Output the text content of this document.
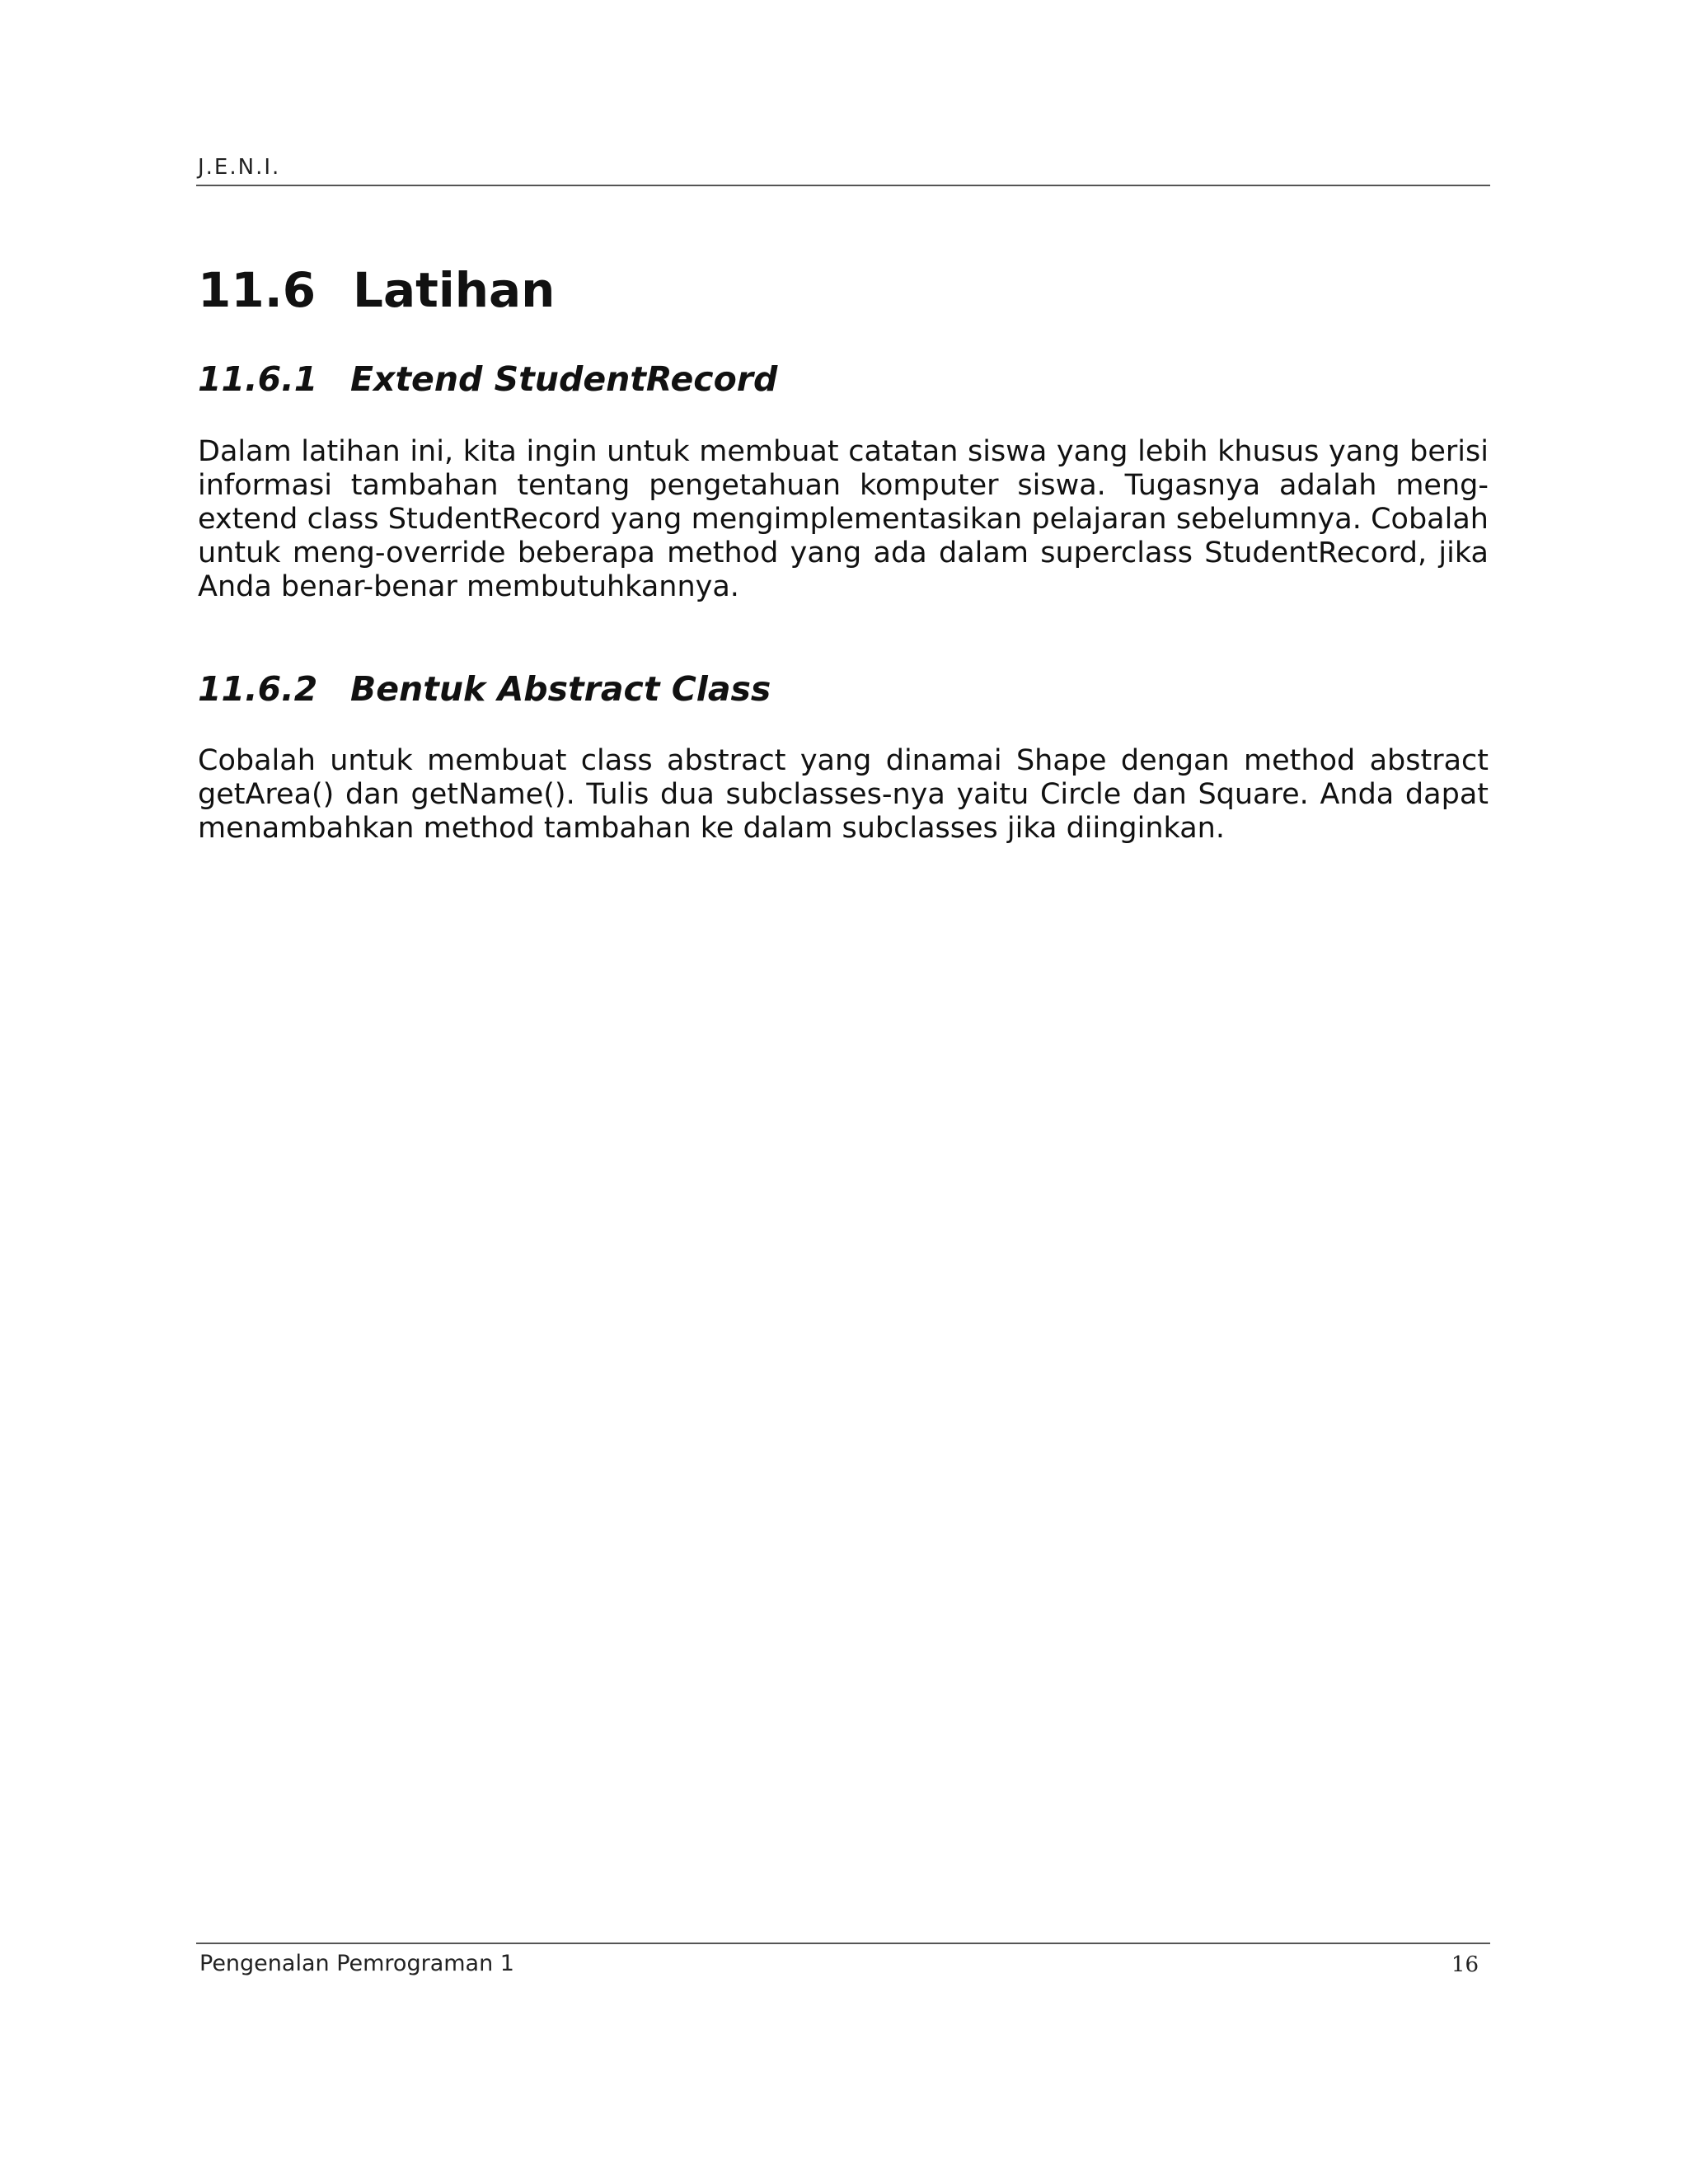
J.E.N.I.
11.6 Latihan
11.6.1 Extend StudentRecord

Dalam latihan ini, kita ingin untuk membuat catatan siswa yang lebih khusus yang berisi informasi tambahan tentang pengetahuan komputer siswa. Tugasnya adalah meng-extend class StudentRecord yang mengimplementasikan pelajaran sebelumnya. Cobalah untuk meng-override beberapa method yang ada dalam superclass StudentRecord, jika Anda benar-benar membutuhkannya.

11.6.2 Bentuk Abstract Class

Cobalah untuk membuat class abstract yang dinamai Shape dengan method abstract getArea() dan getName(). Tulis dua subclasses-nya yaitu Circle dan Square. Anda dapat menambahkan method tambahan ke dalam subclasses jika diinginkan.

Pengenalan Pemrograman 1	16
